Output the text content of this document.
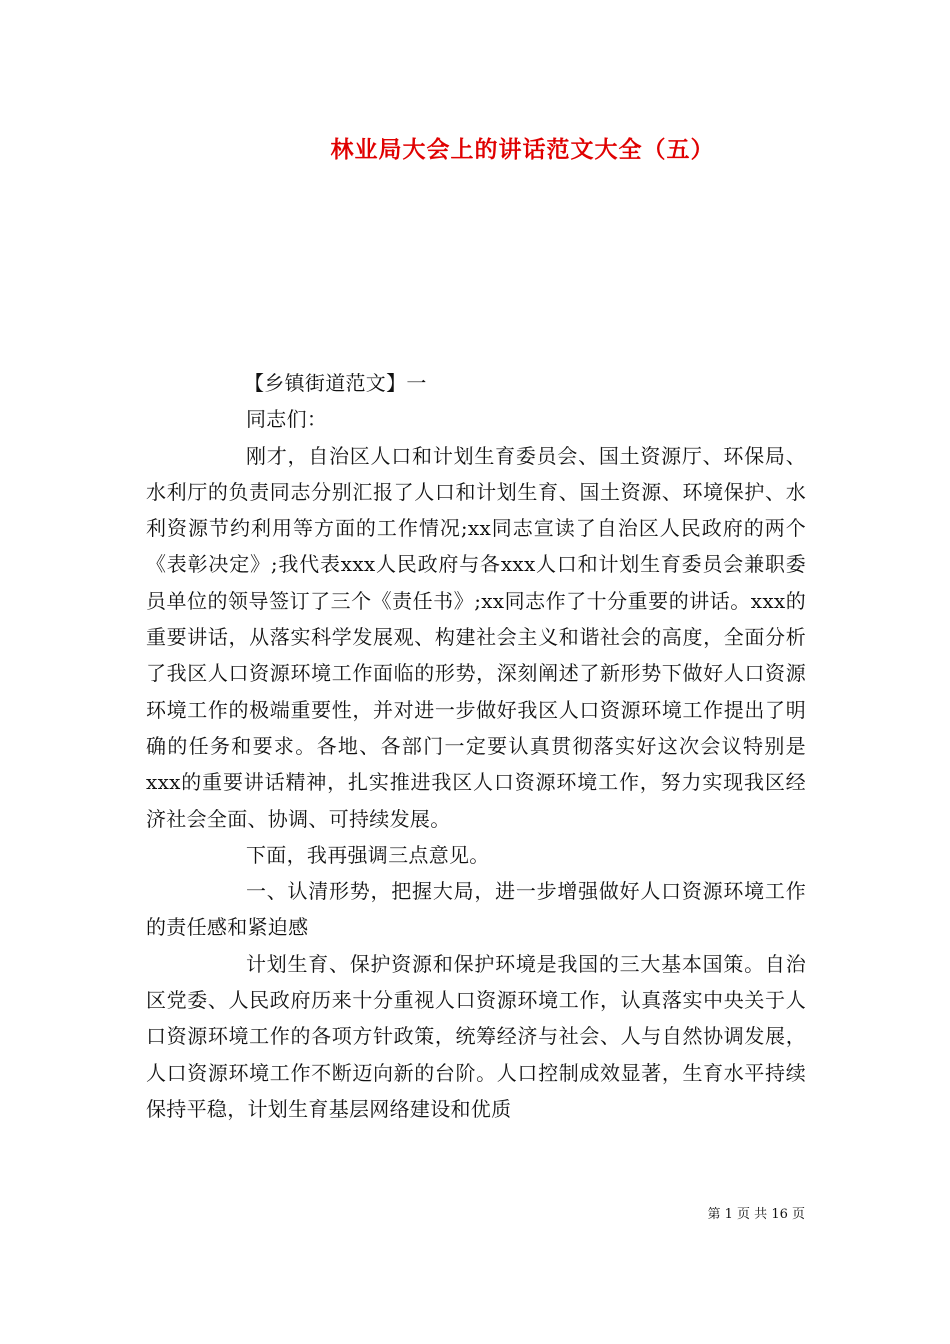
林业局大会上的讲话范文大全（五）

【乡镇街道范文】一

同志们：

刚才，自治区人口和计划生育委员会、国土资源厅、环保局、水利厅的负责同志分别汇报了人口和计划生育、国土资源、环境保护、水利资源节约利用等方面的工作情况;xx同志宣读了自治区人民政府的两个《表彰决定》;我代表xxx人民政府与各xxx人口和计划生育委员会兼职委员单位的领导签订了三个《责任书》;xx同志作了十分重要的讲话。xxx的重要讲话，从落实科学发展观、构建社会主义和谐社会的高度，全面分析了我区人口资源环境工作面临的形势，深刻阐述了新形势下做好人口资源环境工作的极端重要性，并对进一步做好我区人口资源环境工作提出了明确的任务和要求。各地、各部门一定要认真贯彻落实好这次会议特别是xxx的重要讲话精神，扎实推进我区人口资源环境工作，努力实现我区经济社会全面、协调、可持续发展。

下面，我再强调三点意见。

一、认清形势，把握大局，进一步增强做好人口资源环境工作的责任感和紧迫感

计划生育、保护资源和保护环境是我国的三大基本国策。自治区党委、人民政府历来十分重视人口资源环境工作，认真落实中央关于人口资源环境工作的各项方针政策，统筹经济与社会、人与自然协调发展，人口资源环境工作不断迈向新的台阶。人口控制成效显著，生育水平持续保持平稳，计划生育基层网络建设和优质

第 1 页 共 16 页
